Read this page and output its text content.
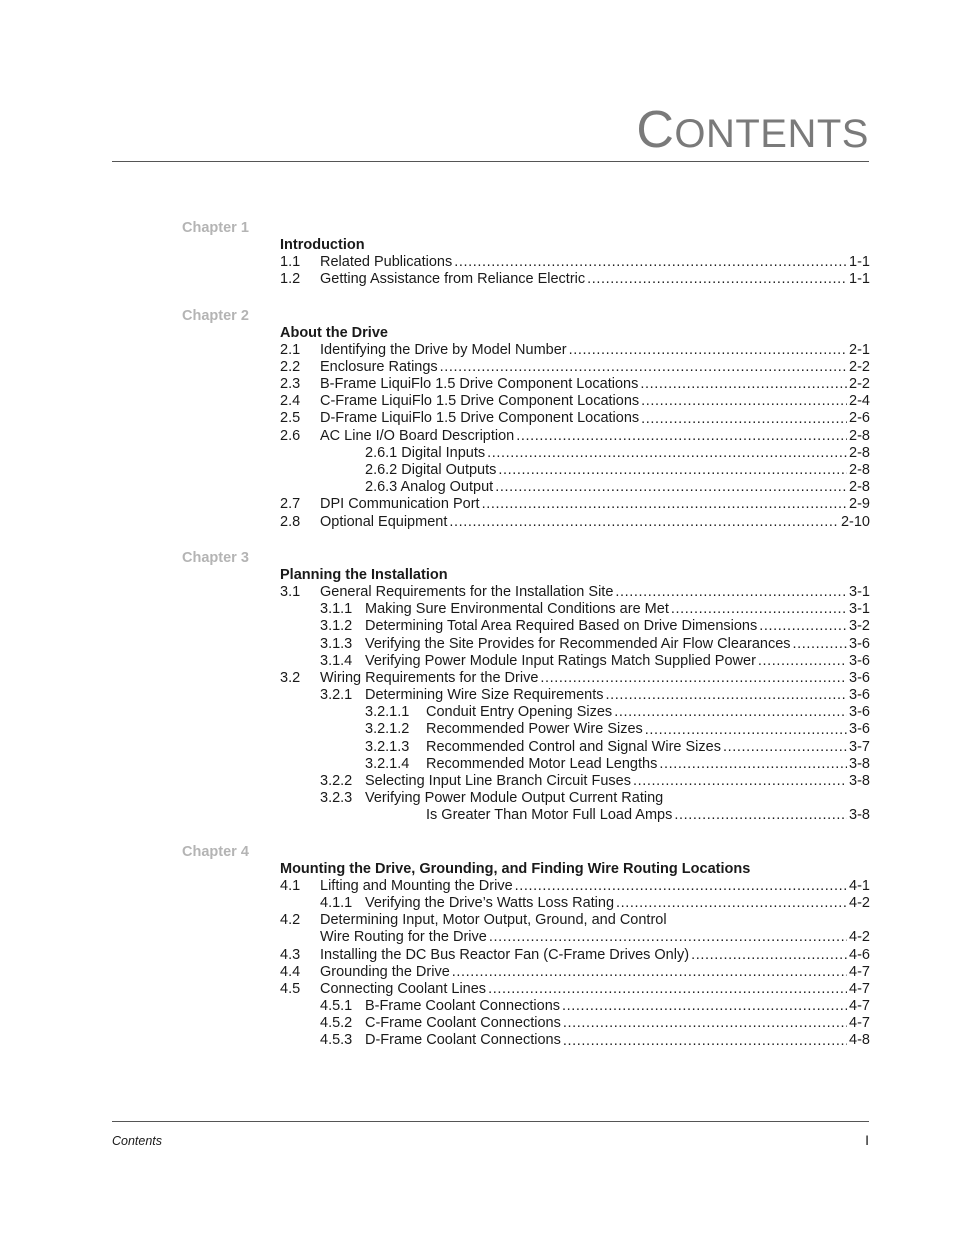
CONTENTS
Chapter 1
Introduction
1.1 Related Publications .....	1-1
1.2 Getting Assistance from Reliance Electric .....	1-1
Chapter 2
About the Drive
2.1 Identifying the Drive by Model Number .....	2-1
2.2 Enclosure Ratings .....	2-2
2.3 B-Frame LiquiFlo 1.5 Drive Component Locations .....	2-2
2.4 C-Frame LiquiFlo 1.5 Drive Component Locations .....	2-4
2.5 D-Frame LiquiFlo 1.5 Drive Component Locations .....	2-6
2.6 AC Line I/O Board Description .....	2-8
2.6.1 Digital Inputs .....	2-8
2.6.2 Digital Outputs .....	2-8
2.6.3 Analog Output .....	2-8
2.7 DPI Communication Port .....	2-9
2.8 Optional Equipment .....	2-10
Chapter 3
Planning the Installation
3.1 General Requirements for the Installation Site .....	3-1
3.1.1 Making Sure Environmental Conditions are Met .....	3-1
3.1.2 Determining Total Area Required Based on Drive Dimensions .....	3-2
3.1.3 Verifying the Site Provides for Recommended Air Flow Clearances .....	3-6
3.1.4 Verifying Power Module Input Ratings Match Supplied Power .....	3-6
3.2 Wiring Requirements for the Drive .....	3-6
3.2.1 Determining Wire Size Requirements .....	3-6
3.2.1.1 Conduit Entry Opening Sizes .....	3-6
3.2.1.2 Recommended Power Wire Sizes .....	3-6
3.2.1.3 Recommended Control and Signal Wire Sizes .....	3-7
3.2.1.4 Recommended Motor Lead Lengths .....	3-8
3.2.2 Selecting Input Line Branch Circuit Fuses .....	3-8
3.2.3 Verifying Power Module Output Current Rating
Is Greater Than Motor Full Load Amps .....	3-8
Chapter 4
Mounting the Drive, Grounding, and Finding Wire Routing Locations
4.1 Lifting and Mounting the Drive .....	4-1
4.1.1 Verifying the Drive’s Watts Loss Rating .....	4-2
4.2 Determining Input, Motor Output, Ground, and Control
Wire Routing for the Drive .....	4-2
4.3 Installing the DC Bus Reactor Fan (C-Frame Drives Only) .....	4-6
4.4 Grounding the Drive .....	4-7
4.5 Connecting Coolant Lines .....	4-7
4.5.1 B-Frame Coolant Connections .....	4-7
4.5.2 C-Frame Coolant Connections .....	4-7
4.5.3 D-Frame Coolant Connections .....	4-8
Contents	I
